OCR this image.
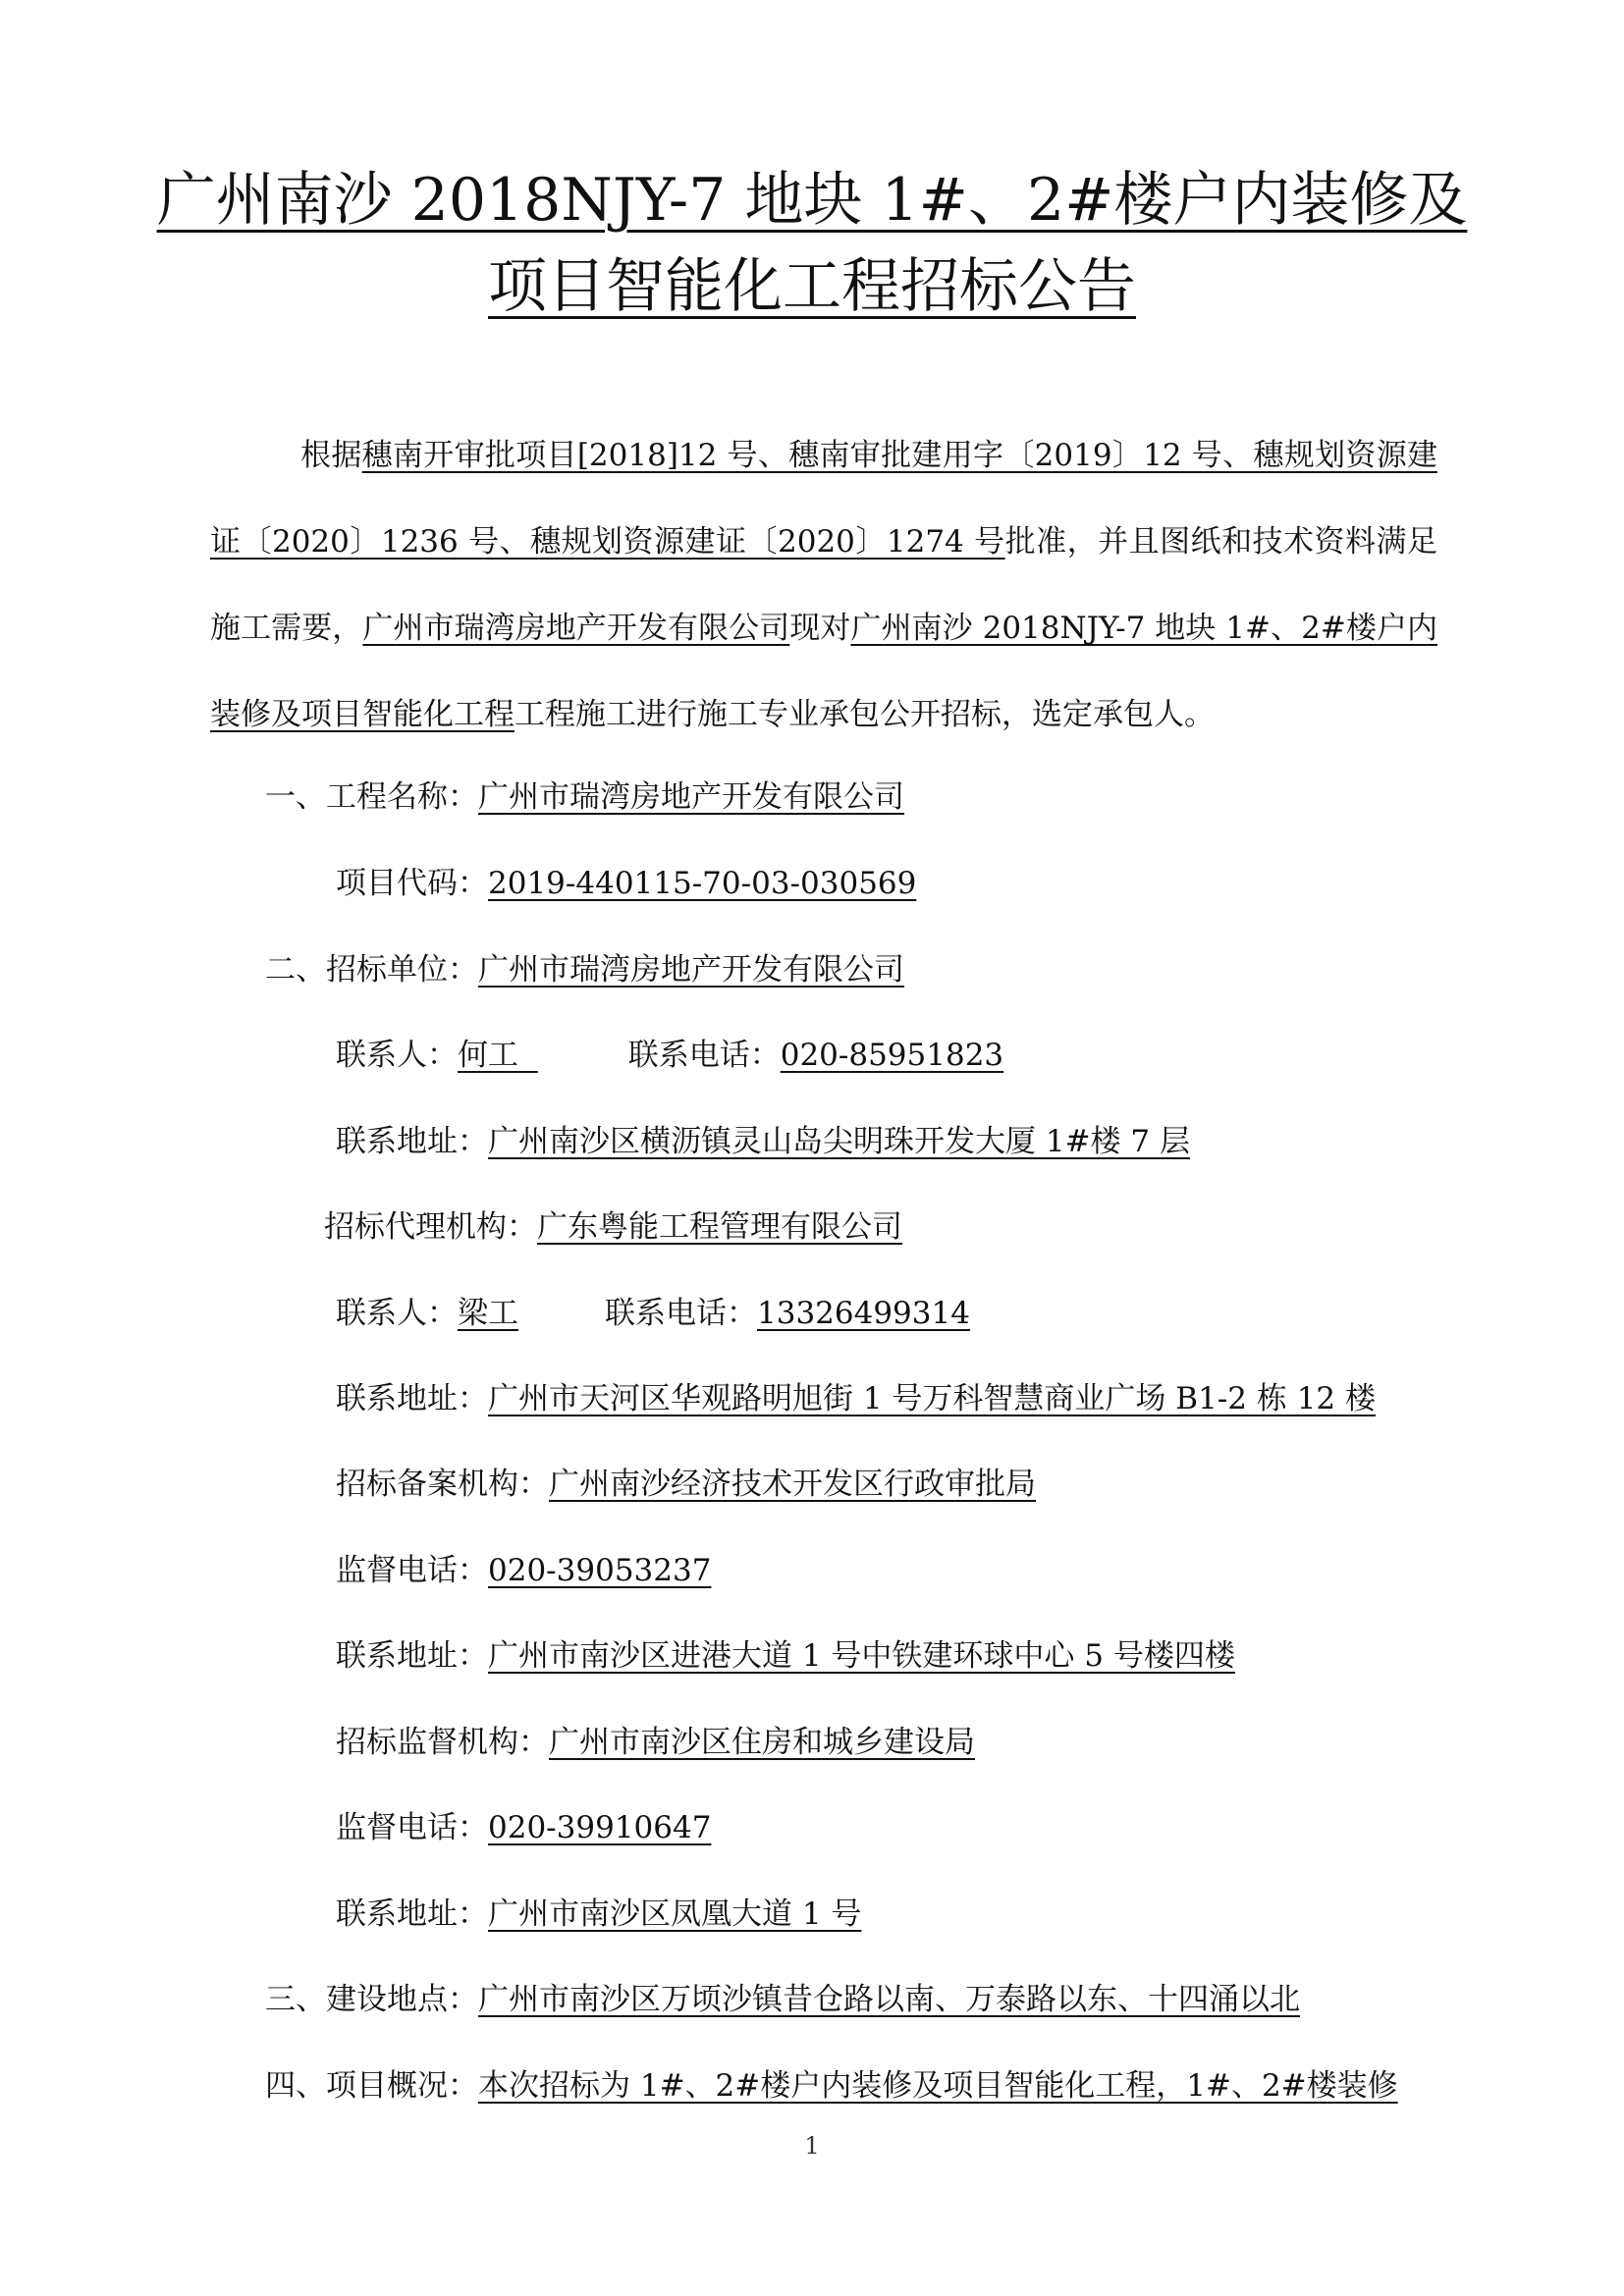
广州南沙 2018NJY-7 地块 1#、2#楼户内装修及
项目智能化工程招标公告
根据穗南开审批项目[2018]12 号、穗南审批建用字〔2019〕12 号、穗规划资源建证〔2020〕1236 号、穗规划资源建证〔2020〕1274 号批准，并且图纸和技术资料满足施工需要，广州市瑞湾房地产开发有限公司现对广州南沙 2018NJY-7 地块 1#、2#楼户内装修及项目智能化工程工程施工进行施工专业承包公开招标，选定承包人。
一、工程名称：广州市瑞湾房地产开发有限公司
项目代码：2019-440115-70-03-030569
二、招标单位：广州市瑞湾房地产开发有限公司
联系人：何工	联系电话：020-85951823
联系地址：广州南沙区横沥镇灵山岛尖明珠开发大厦 1#楼 7 层
招标代理机构：广东粤能工程管理有限公司
联系人：梁工	联系电话：13326499314
联系地址：广州市天河区华观路明旭街 1 号万科智慧商业广场 B1-2 栋 12 楼
招标备案机构：广州南沙经济技术开发区行政审批局
监督电话：020-39053237
联系地址：广州市南沙区进港大道 1 号中铁建环球中心 5 号楼四楼
招标监督机构：广州市南沙区住房和城乡建设局
监督电话：020-39910647
联系地址：广州市南沙区凤凰大道 1 号
三、建设地点：广州市南沙区万顷沙镇昔仓路以南、万泰路以东、十四涌以北
四、项目概况：本次招标为 1#、2#楼户内装修及项目智能化工程，1#、2#楼装修
1
